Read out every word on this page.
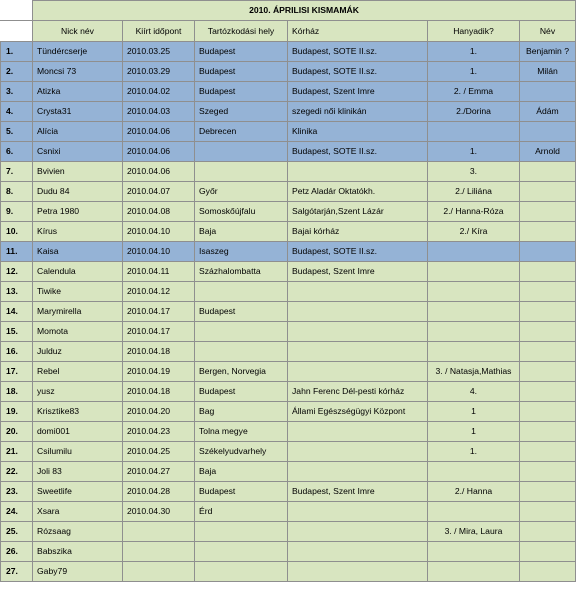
	2010. ÁPRILISI KISMAMÁK					
	Nick név	Kiírt időpont	Tartózkodási hely	Kórház	Hanyadik?	Név
1.	Tündércserje	2010.03.25	Budapest	Budapest, SOTE II.sz.	1.	Benjamin ?
2.	Moncsi 73	2010.03.29	Budapest	Budapest, SOTE II.sz.	1.	Milán
3.	Atizka	2010.04.02	Budapest	Budapest, Szent Imre	2. / Emma	
4.	Crysta31	2010.04.03	Szeged	szegedi női klinikán	2./Dorina	Ádám
5.	Alícia	2010.04.06	Debrecen	Klinika		
6.	Csnixi	2010.04.06		Budapest, SOTE II.sz.	1.	Arnold
7.	Bvivien	2010.04.06			3.	
8.	Dudu 84	2010.04.07	Győr	Petz Aladár Oktatókh.	2./ Liliána	
9.	Petra 1980	2010.04.08	Somoskőújfalu	Salgótarján,Szent Lázár	2./ Hanna-Róza	
10.	Kírus	2010.04.10	Baja	Bajai kórház	2./ Kíra	
11.	Kaisa	2010.04.10	Isaszeg	Budapest, SOTE II.sz.		
12.	Calendula	2010.04.11	Százhalombatta	Budapest, Szent Imre		
13.	Tiwike	2010.04.12				
14.	Marymirella	2010.04.17	Budapest			
15.	Momota	2010.04.17				
16.	Julduz	2010.04.18				
17.	Rebel	2010.04.19	Bergen, Norvegia		3. / Natasja,Mathias	
18.	yusz	2010.04.18	Budapest	Jahn Ferenc Dél-pesti kórház	4.	
19.	Krisztike83	2010.04.20	Bag	Állami Egészségügyi Központ	1	
20.	domi001	2010.04.23	Tolna megye		1	
21.	Csilumilu	2010.04.25	Székelyudvarhely		1.	
22.	Joli 83	2010.04.27	Baja			
23.	Sweetlife	2010.04.28	Budapest	Budapest, Szent Imre	2./ Hanna	
24.	Xsara	2010.04.30	Érd			
25.	Rózsaag				3. / Mira, Laura	
26.	Babszika					
27.	Gaby79					
